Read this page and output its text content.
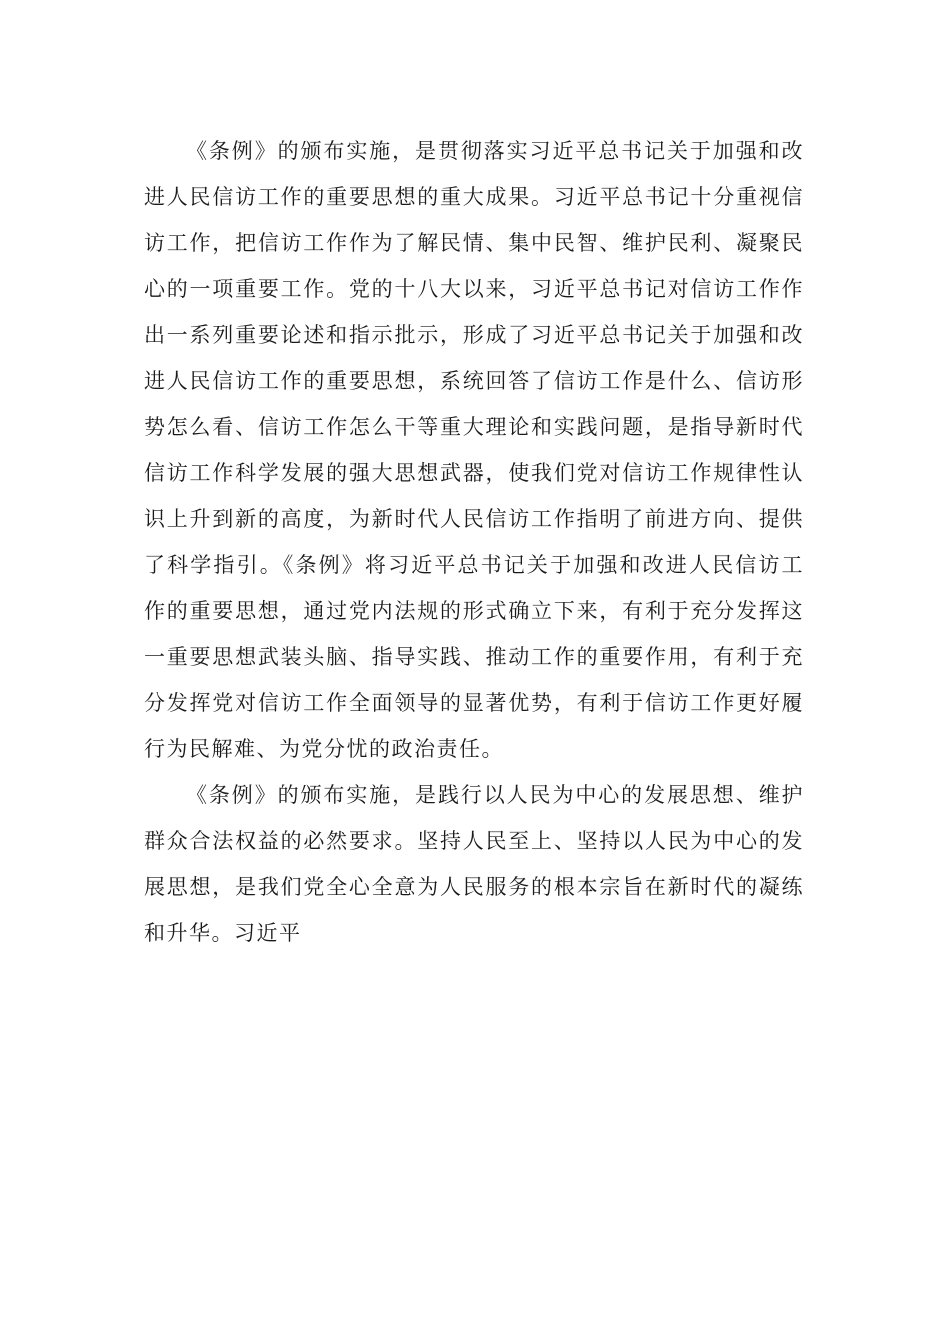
《条例》的颁布实施，是贯彻落实习近平总书记关于加强和改进人民信访工作的重要思想的重大成果。习近平总书记十分重视信访工作，把信访工作作为了解民情、集中民智、维护民利、凝聚民心的一项重要工作。党的十八大以来，习近平总书记对信访工作作出一系列重要论述和指示批示，形成了习近平总书记关于加强和改进人民信访工作的重要思想，系统回答了信访工作是什么、信访形势怎么看、信访工作怎么干等重大理论和实践问题，是指导新时代信访工作科学发展的强大思想武器，使我们党对信访工作规律性认识上升到新的高度，为新时代人民信访工作指明了前进方向、提供了科学指引。《条例》将习近平总书记关于加强和改进人民信访工作的重要思想，通过党内法规的形式确立下来，有利于充分发挥这一重要思想武装头脑、指导实践、推动工作的重要作用，有利于充分发挥党对信访工作全面领导的显著优势，有利于信访工作更好履行为民解难、为党分忧的政治责任。

《条例》的颁布实施，是践行以人民为中心的发展思想、维护群众合法权益的必然要求。坚持人民至上、坚持以人民为中心的发展思想，是我们党全心全意为人民服务的根本宗旨在新时代的凝练和升华。习近平
